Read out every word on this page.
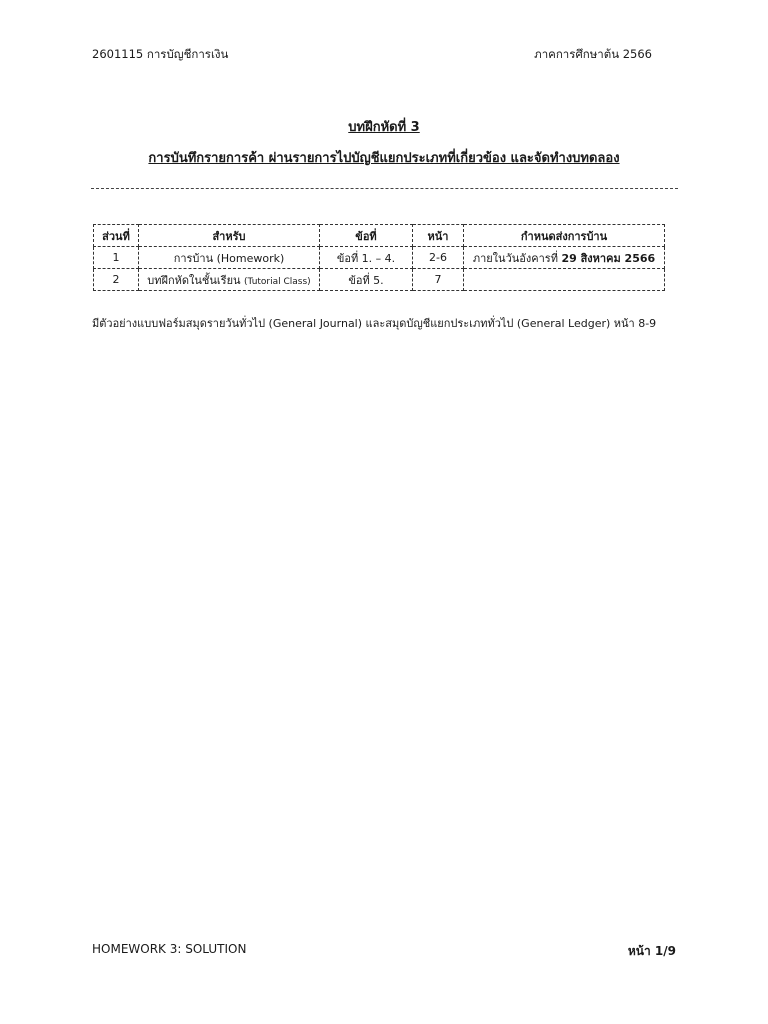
2601115 การบัญชีการเงิน	ภาคการศึกษาต้น 2566
บทฝึกหัดที่ 3
การบันทึกรายการค้า ผ่านรายการไปบัญชีแยกประเภทที่เกี่ยวข้อง และจัดทำงบทดลอง
ส่วนที่	สำหรับ	ข้อที่	หน้า	กำหนดส่งการบ้าน
1	การบ้าน (Homework)	ข้อที่ 1. – 4.	2-6	ภายในวันอังคารที่ 29 สิงหาคม 2566
2	บทฝึกหัดในชั้นเรียน (Tutorial Class)	ข้อที่ 5.	7	
มีตัวอย่างแบบฟอร์มสมุดรายวันทั่วไป (General Journal) และสมุดบัญชีแยกประเภททั่วไป (General Ledger) หน้า 8-9
HOMEWORK 3: SOLUTION	หน้า 1/9
